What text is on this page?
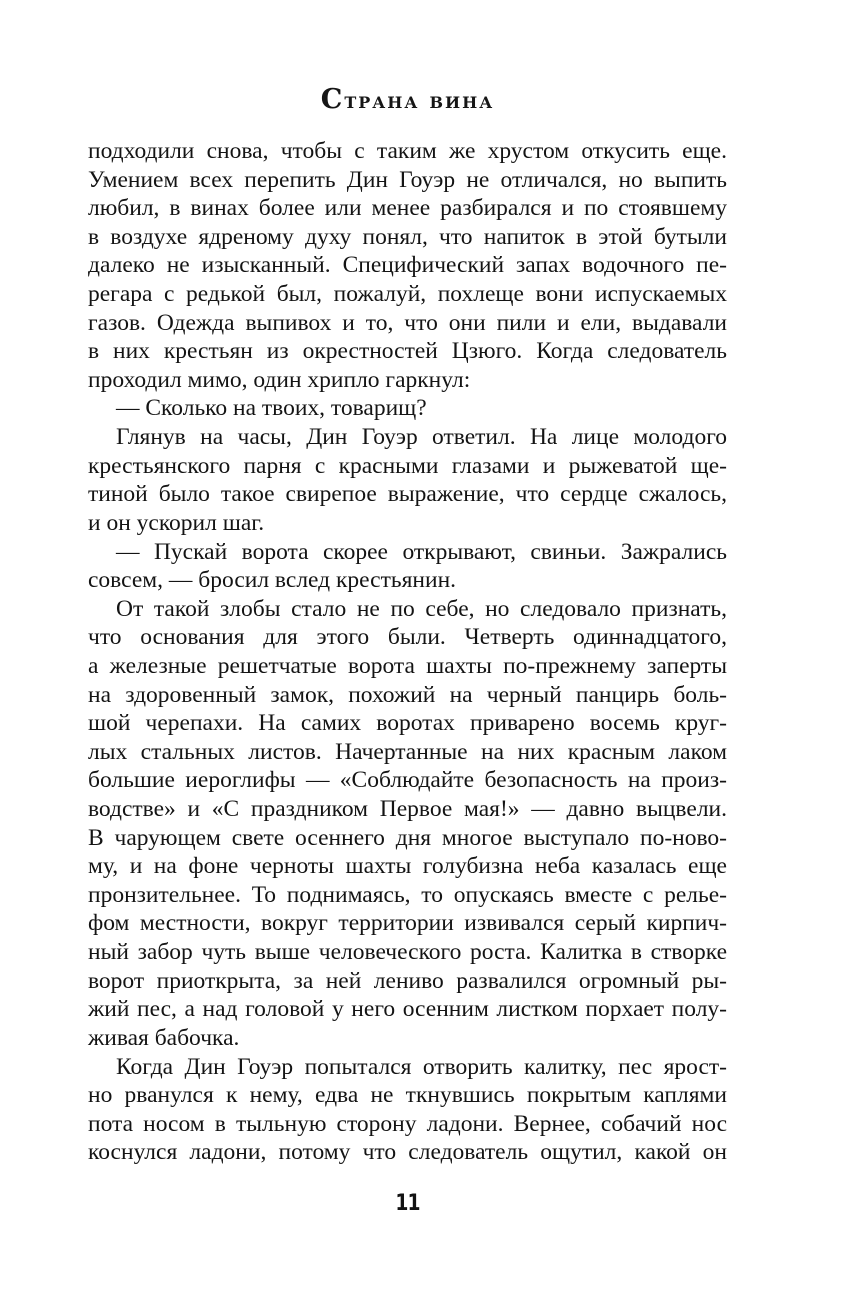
Страна вина
подходили снова, чтобы с таким же хрустом откусить еще.
Умением всех перепить Дин Гоуэр не отличался, но выпить
любил, в винах более или менее разбирался и по стоявшему
в воздухе ядреному духу понял, что напиток в этой бутыли
далеко не изысканный. Специфический запах водочного пе-
регара с редькой был, пожалуй, похлеще вони испускаемых
газов. Одежда выпивох и то, что они пили и ели, выдавали
в них крестьян из окрестностей Цзюго. Когда следователь
проходил мимо, один хрипло гаркнул:
— Сколько на твоих, товарищ?
Глянув на часы, Дин Гоуэр ответил. На лице молодого
крестьянского парня с красными глазами и рыжеватой ще-
тиной было такое свирепое выражение, что сердце сжалось,
и он ускорил шаг.
— Пускай ворота скорее открывают, свиньи. Зажрались
совсем, — бросил вслед крестьянин.
От такой злобы стало не по себе, но следовало признать,
что основания для этого были. Четверть одиннадцатого,
а железные решетчатые ворота шахты по-прежнему заперты
на здоровенный замок, похожий на черный панцирь боль-
шой черепахи. На самих воротах приварено восемь круг-
лых стальных листов. Начертанные на них красным лаком
большие иероглифы — «Соблюдайте безопасность на произ-
водстве» и «С праздником Первое мая!» — давно выцвели.
В чарующем свете осеннего дня многое выступало по-ново-
му, и на фоне черноты шахты голубизна неба казалась еще
пронзительнее. То поднимаясь, то опускаясь вместе с релье-
фом местности, вокруг территории извивался серый кирпич-
ный забор чуть выше человеческого роста. Калитка в створке
ворот приоткрыта, за ней лениво развалился огромный ры-
жий пес, а над головой у него осенним листком порхает полу-
живая бабочка.
Когда Дин Гоуэр попытался отворить калитку, пес ярост-
но рванулся к нему, едва не ткнувшись покрытым каплями
пота носом в тыльную сторону ладони. Вернее, собачий нос
коснулся ладони, потому что следователь ощутил, какой он
11
